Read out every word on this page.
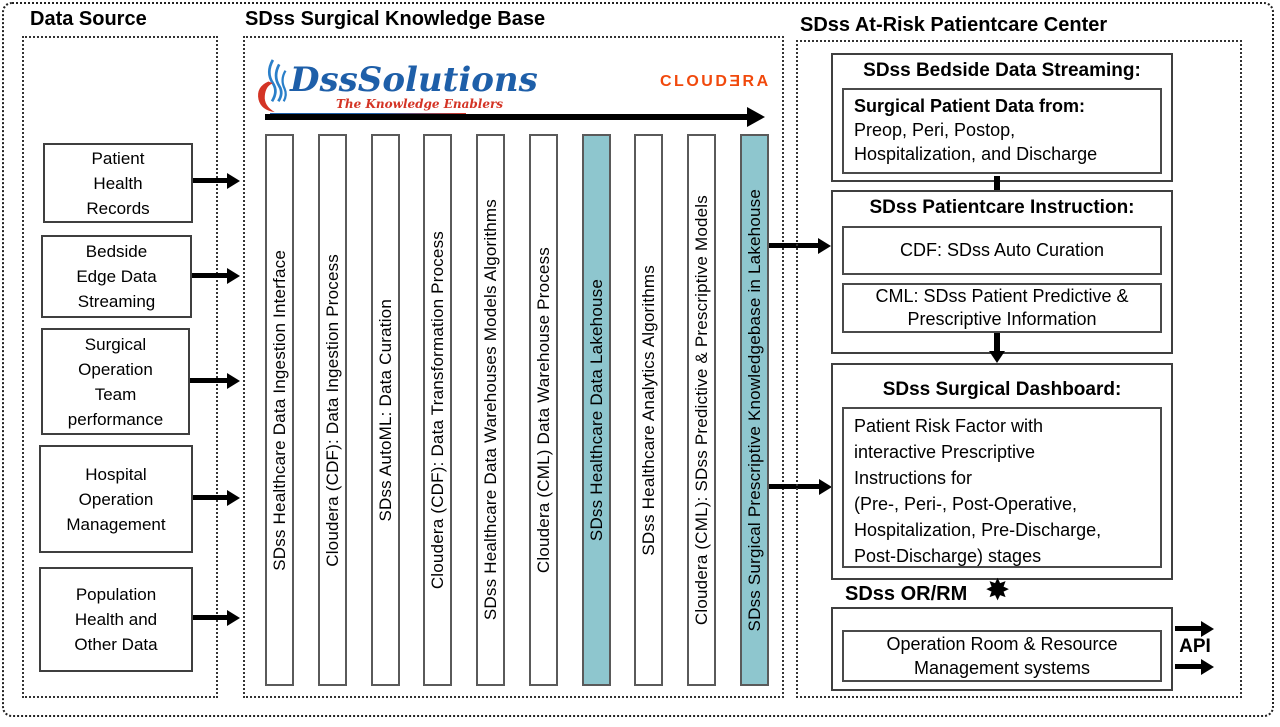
Data Source
Patient
Health
Records
Bedside
Edge Data
Streaming
Surgical
Operation
Team
performance
Hospital
Operation
Management
Population
Health and
Other Data
SDss Surgical Knowledge Base
DssSolutions
The Knowledge Enablers
CLOUDƎRA
SDss Healthcare Data Ingestion Interface Cloudera (CDF): Data Ingestion Process SDss AutoML: Data Curation Cloudera (CDF): Data Transformation Process SDss Healthcare Data Warehouses Models Algorithms Cloudera (CML) Data Warehouse Process SDss Healthcare Data Lakehouse SDss Healthcare Analytics Algorithms Cloudera (CML): SDss Predictive & Prescriptive Models SDss Surgical Prescriptive Knowledgebase in Lakehouse
SDss At-Risk Patientcare Center
SDss Bedside Data Streaming:
Surgical Patient Data from:
Preop, Peri, Postop,
Hospitalization, and Discharge
SDss Patientcare Instruction:
CDF: SDss Auto Curation
CML: SDss Patient Predictive &
Prescriptive Information
SDss Surgical Dashboard:
Patient Risk Factor with
interactive Prescriptive
Instructions for
(Pre-, Peri-, Post-Operative,
Hospitalization, Pre-Discharge,
Post-Discharge) stages
SDss OR/RM ✸
Operation Room & Resource
Management systems
API
